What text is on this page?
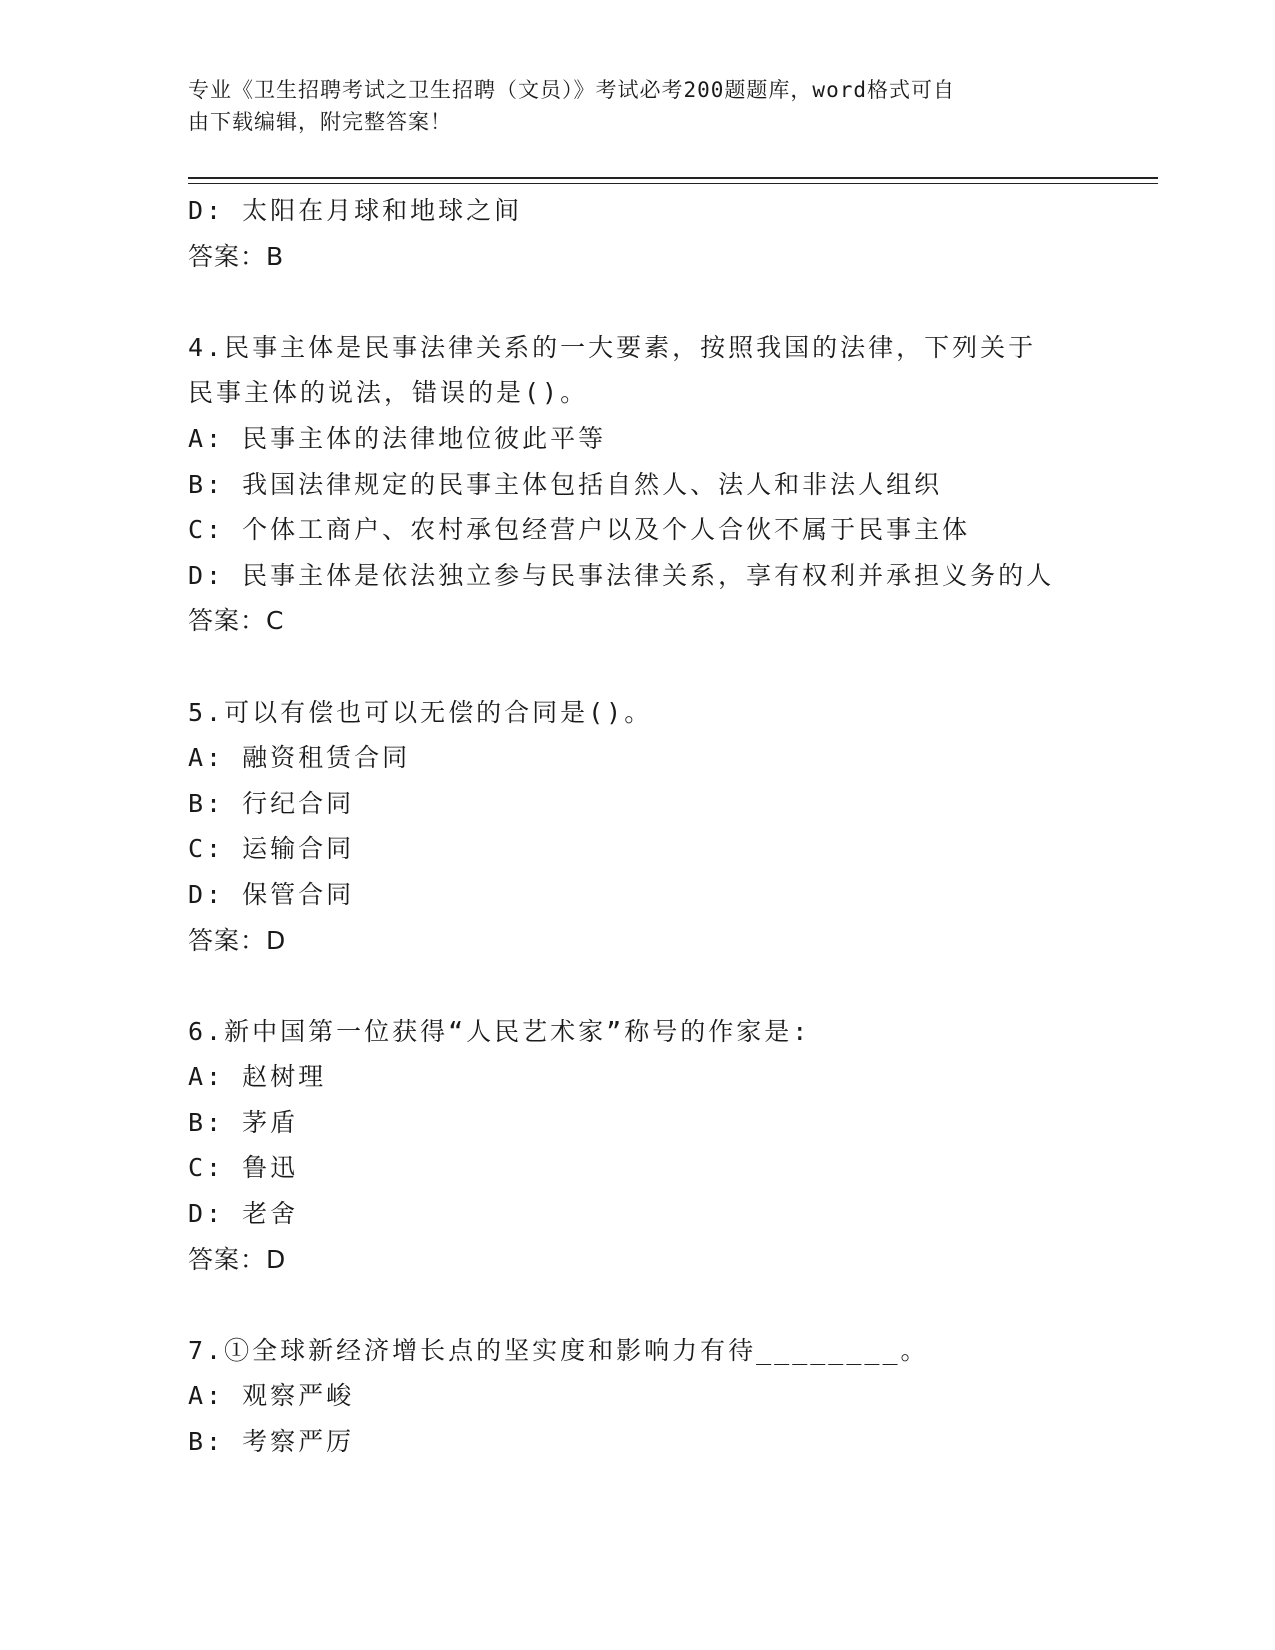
专业《卫生招聘考试之卫生招聘（文员）》考试必考200题题库，word格式可自
由下载编辑，附完整答案！
D: 太阳在月球和地球之间
答案：B
4.民事主体是民事法律关系的一大要素，按照我国的法律，下列关于
民事主体的说法，错误的是()。
A: 民事主体的法律地位彼此平等
B: 我国法律规定的民事主体包括自然人、法人和非法人组织
C: 个体工商户、农村承包经营户以及个人合伙不属于民事主体
D: 民事主体是依法独立参与民事法律关系，享有权利并承担义务的人
答案：C
5.可以有偿也可以无偿的合同是()。
A: 融资租赁合同
B: 行纪合同
C: 运输合同
D: 保管合同
答案：D
6.新中国第一位获得“人民艺术家”称号的作家是:
A: 赵树理
B: 茅盾
C: 鲁迅
D: 老舍
答案：D
7.①全球新经济增长点的坚实度和影响力有待________。
A: 观察严峻
B: 考察严厉
